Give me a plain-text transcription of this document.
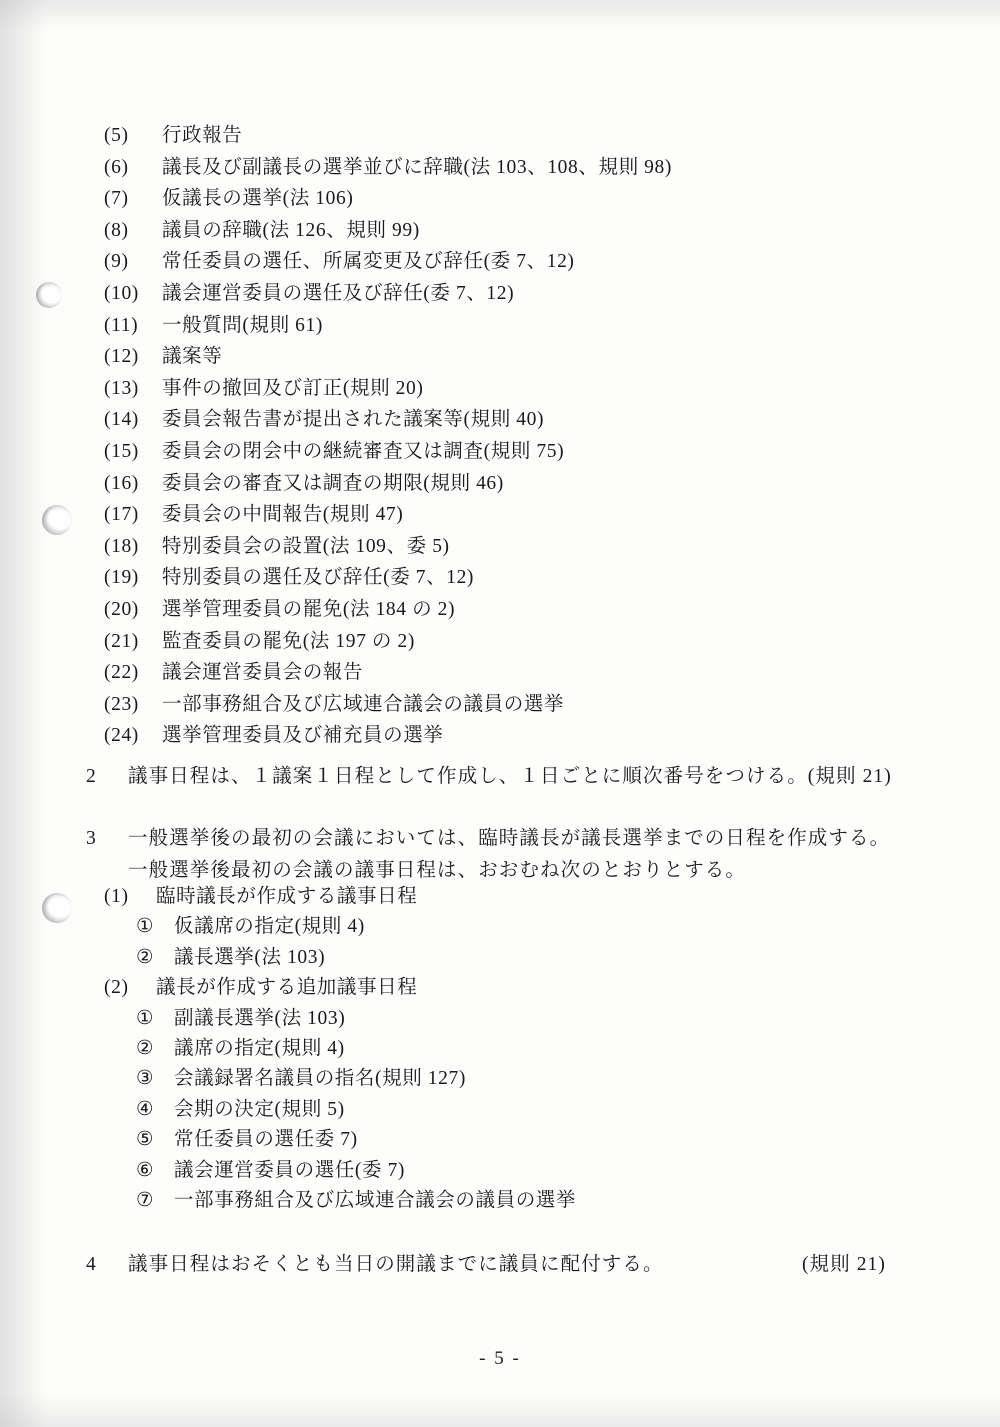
(5)	行政報告
(6)	議長及び副議長の選挙並びに辞職(法 103、108、規則 98)
(7)	仮議長の選挙(法 106)
(8)	議員の辞職(法 126、規則 99)
(9)	常任委員の選任、所属変更及び辞任(委 7、12)
(10)	議会運営委員の選任及び辞任(委 7、12)
(11)	一般質問(規則 61)
(12)	議案等
(13)	事件の撤回及び訂正(規則 20)
(14)	委員会報告書が提出された議案等(規則 40)
(15)	委員会の閉会中の継続審査又は調査(規則 75)
(16)	委員会の審査又は調査の期限(規則 46)
(17)	委員会の中間報告(規則 47)
(18)	特別委員会の設置(法 109、委 5)
(19)	特別委員の選任及び辞任(委 7、12)
(20)	選挙管理委員の罷免(法 184 の 2)
(21)	監査委員の罷免(法 197 の 2)
(22)	議会運営委員会の報告
(23)	一部事務組合及び広域連合議会の議員の選挙
(24)	選挙管理委員及び補充員の選挙
2 議事日程は、１議案１日程として作成し、１日ごとに順次番号をつける。(規則 21)
3 一般選挙後の最初の会議においては、臨時議長が議長選挙までの日程を作成する。
一般選挙後最初の会議の議事日程は、おおむね次のとおりとする。
(1)	臨時議長が作成する議事日程
①	仮議席の指定(規則 4)
②	議長選挙(法 103)
(2)	議長が作成する追加議事日程
①	副議長選挙(法 103)
②	議席の指定(規則 4)
③	会議録署名議員の指名(規則 127)
④	会期の決定(規則 5)
⑤	常任委員の選任委 7)
⑥	議会運営委員の選任(委 7)
⑦	一部事務組合及び広域連合議会の議員の選挙
4 議事日程はおそくとも当日の開議までに議員に配付する。	(規則 21)
- 5 -
